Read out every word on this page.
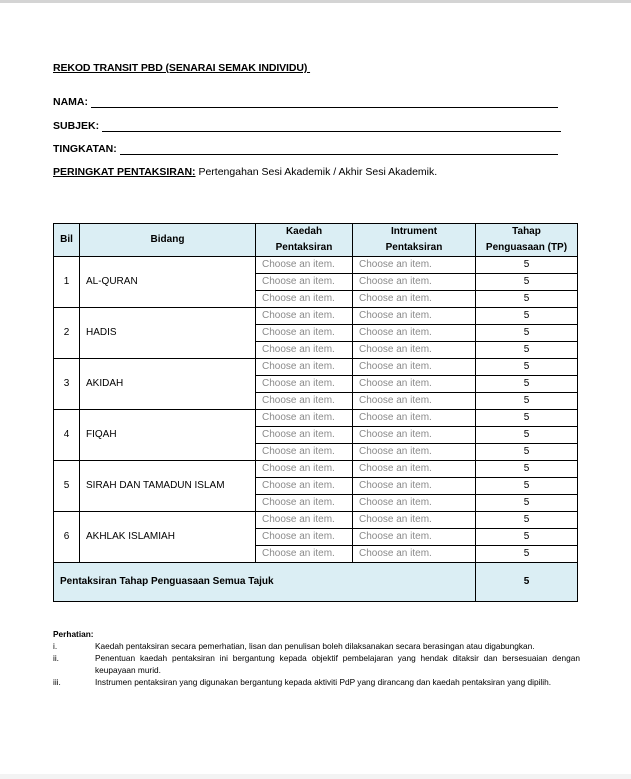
REKOD TRANSIT PBD (SENARAI SEMAK INDIVIDU)
NAMA:
SUBJEK:
TINGKATAN:
PERINGKAT PENTAKSIRAN: Pertengahan Sesi Akademik / Akhir Sesi Akademik.
Bil	Bidang	Kaedah	Intrument	Tahap
		Pentaksiran	Pentaksiran	Penguasaan (TP)
1	AL-QURAN	Choose an item.	Choose an item.	5
		Choose an item.	Choose an item.	5
		Choose an item.	Choose an item.	5
2	HADIS	Choose an item.	Choose an item.	5
		Choose an item.	Choose an item.	5
		Choose an item.	Choose an item.	5
3	AKIDAH	Choose an item.	Choose an item.	5
		Choose an item.	Choose an item.	5
		Choose an item.	Choose an item.	5
4	FIQAH	Choose an item.	Choose an item.	5
		Choose an item.	Choose an item.	5
		Choose an item.	Choose an item.	5
5	SIRAH DAN TAMADUN ISLAM	Choose an item.	Choose an item.	5
		Choose an item.	Choose an item.	5
		Choose an item.	Choose an item.	5
6	AKHLAK ISLAMIAH	Choose an item.	Choose an item.	5
		Choose an item.	Choose an item.	5
		Choose an item.	Choose an item.	5
Pentaksiran Tahap Penguasaan Semua Tajuk				5
Perhatian:
i.	Kaedah pentaksiran secara pemerhatian, lisan dan penulisan boleh dilaksanakan secara berasingan atau digabungkan.
ii.	Penentuan kaedah pentaksiran ini bergantung kepada objektif pembelajaran yang hendak ditaksir dan bersesuaian dengan keupayaan murid.
iii.	Instrumen pentaksiran yang digunakan bergantung kepada aktiviti PdP yang dirancang dan kaedah pentaksiran yang dipilih.
